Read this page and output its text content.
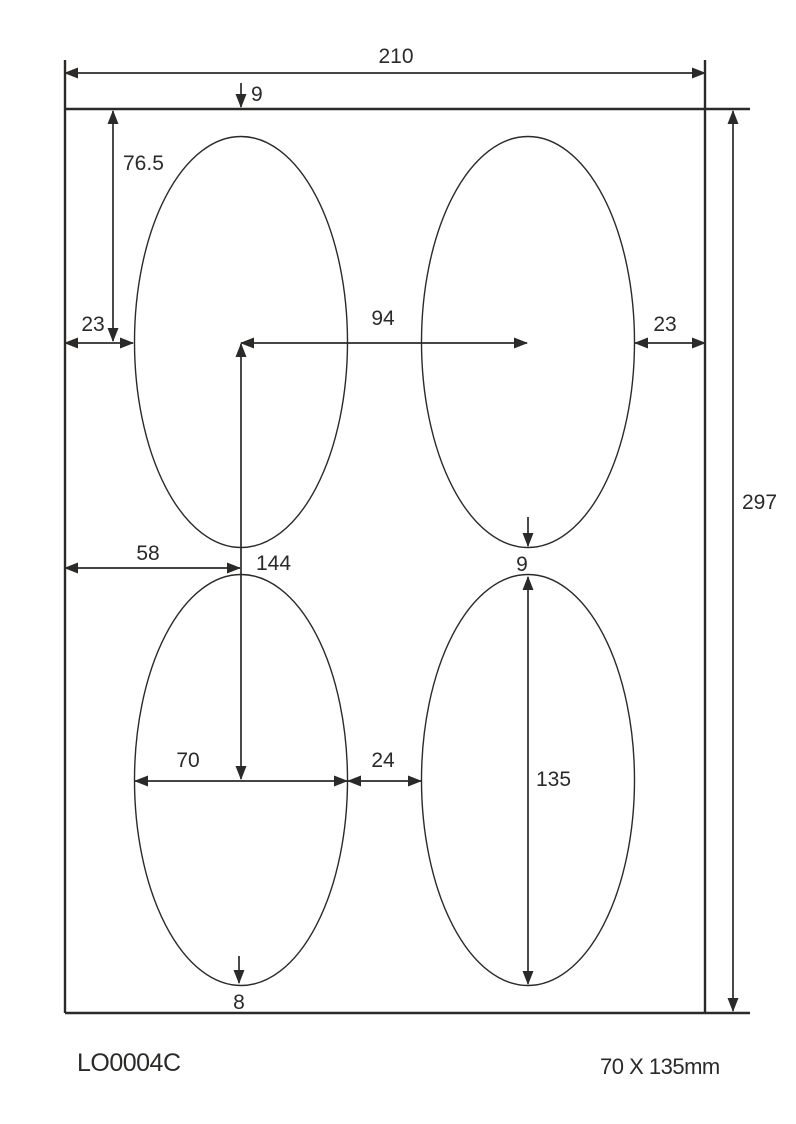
210
9
76.5
23	94	23
297
58	144	9
70	24
135
8
LO0004C	70 X 135mm
